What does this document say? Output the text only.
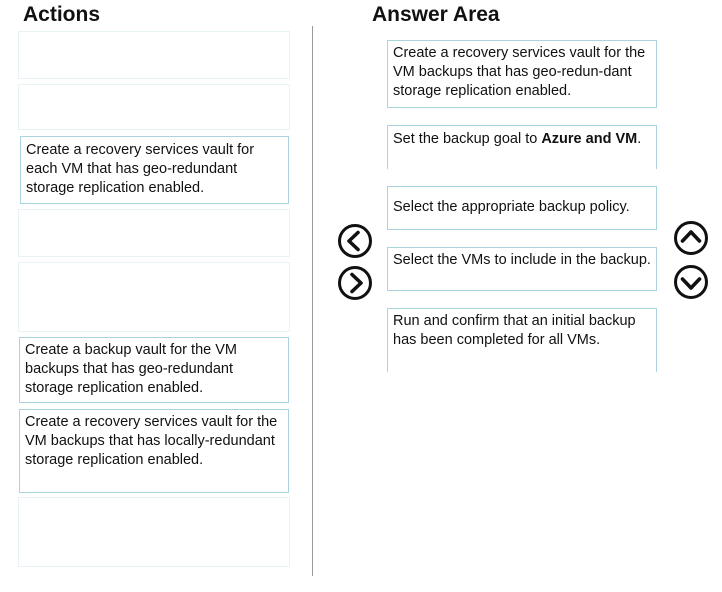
Actions	Answer Area
Create a recovery services vault for each VM that has geo-redundant storage replication enabled.
Create a backup vault for the VM backups that has geo-redundant storage replication enabled.
Create a recovery services vault for the VM backups that has locally-redundant storage replication enabled.
Create a recovery services vault for the VM backups that has geo-redun-dant storage replication enabled.
Set the backup goal to Azure and VM.
Select the appropriate backup policy.
Select the VMs to include in the backup.
Run and confirm that an initial backup has been completed for all VMs.
